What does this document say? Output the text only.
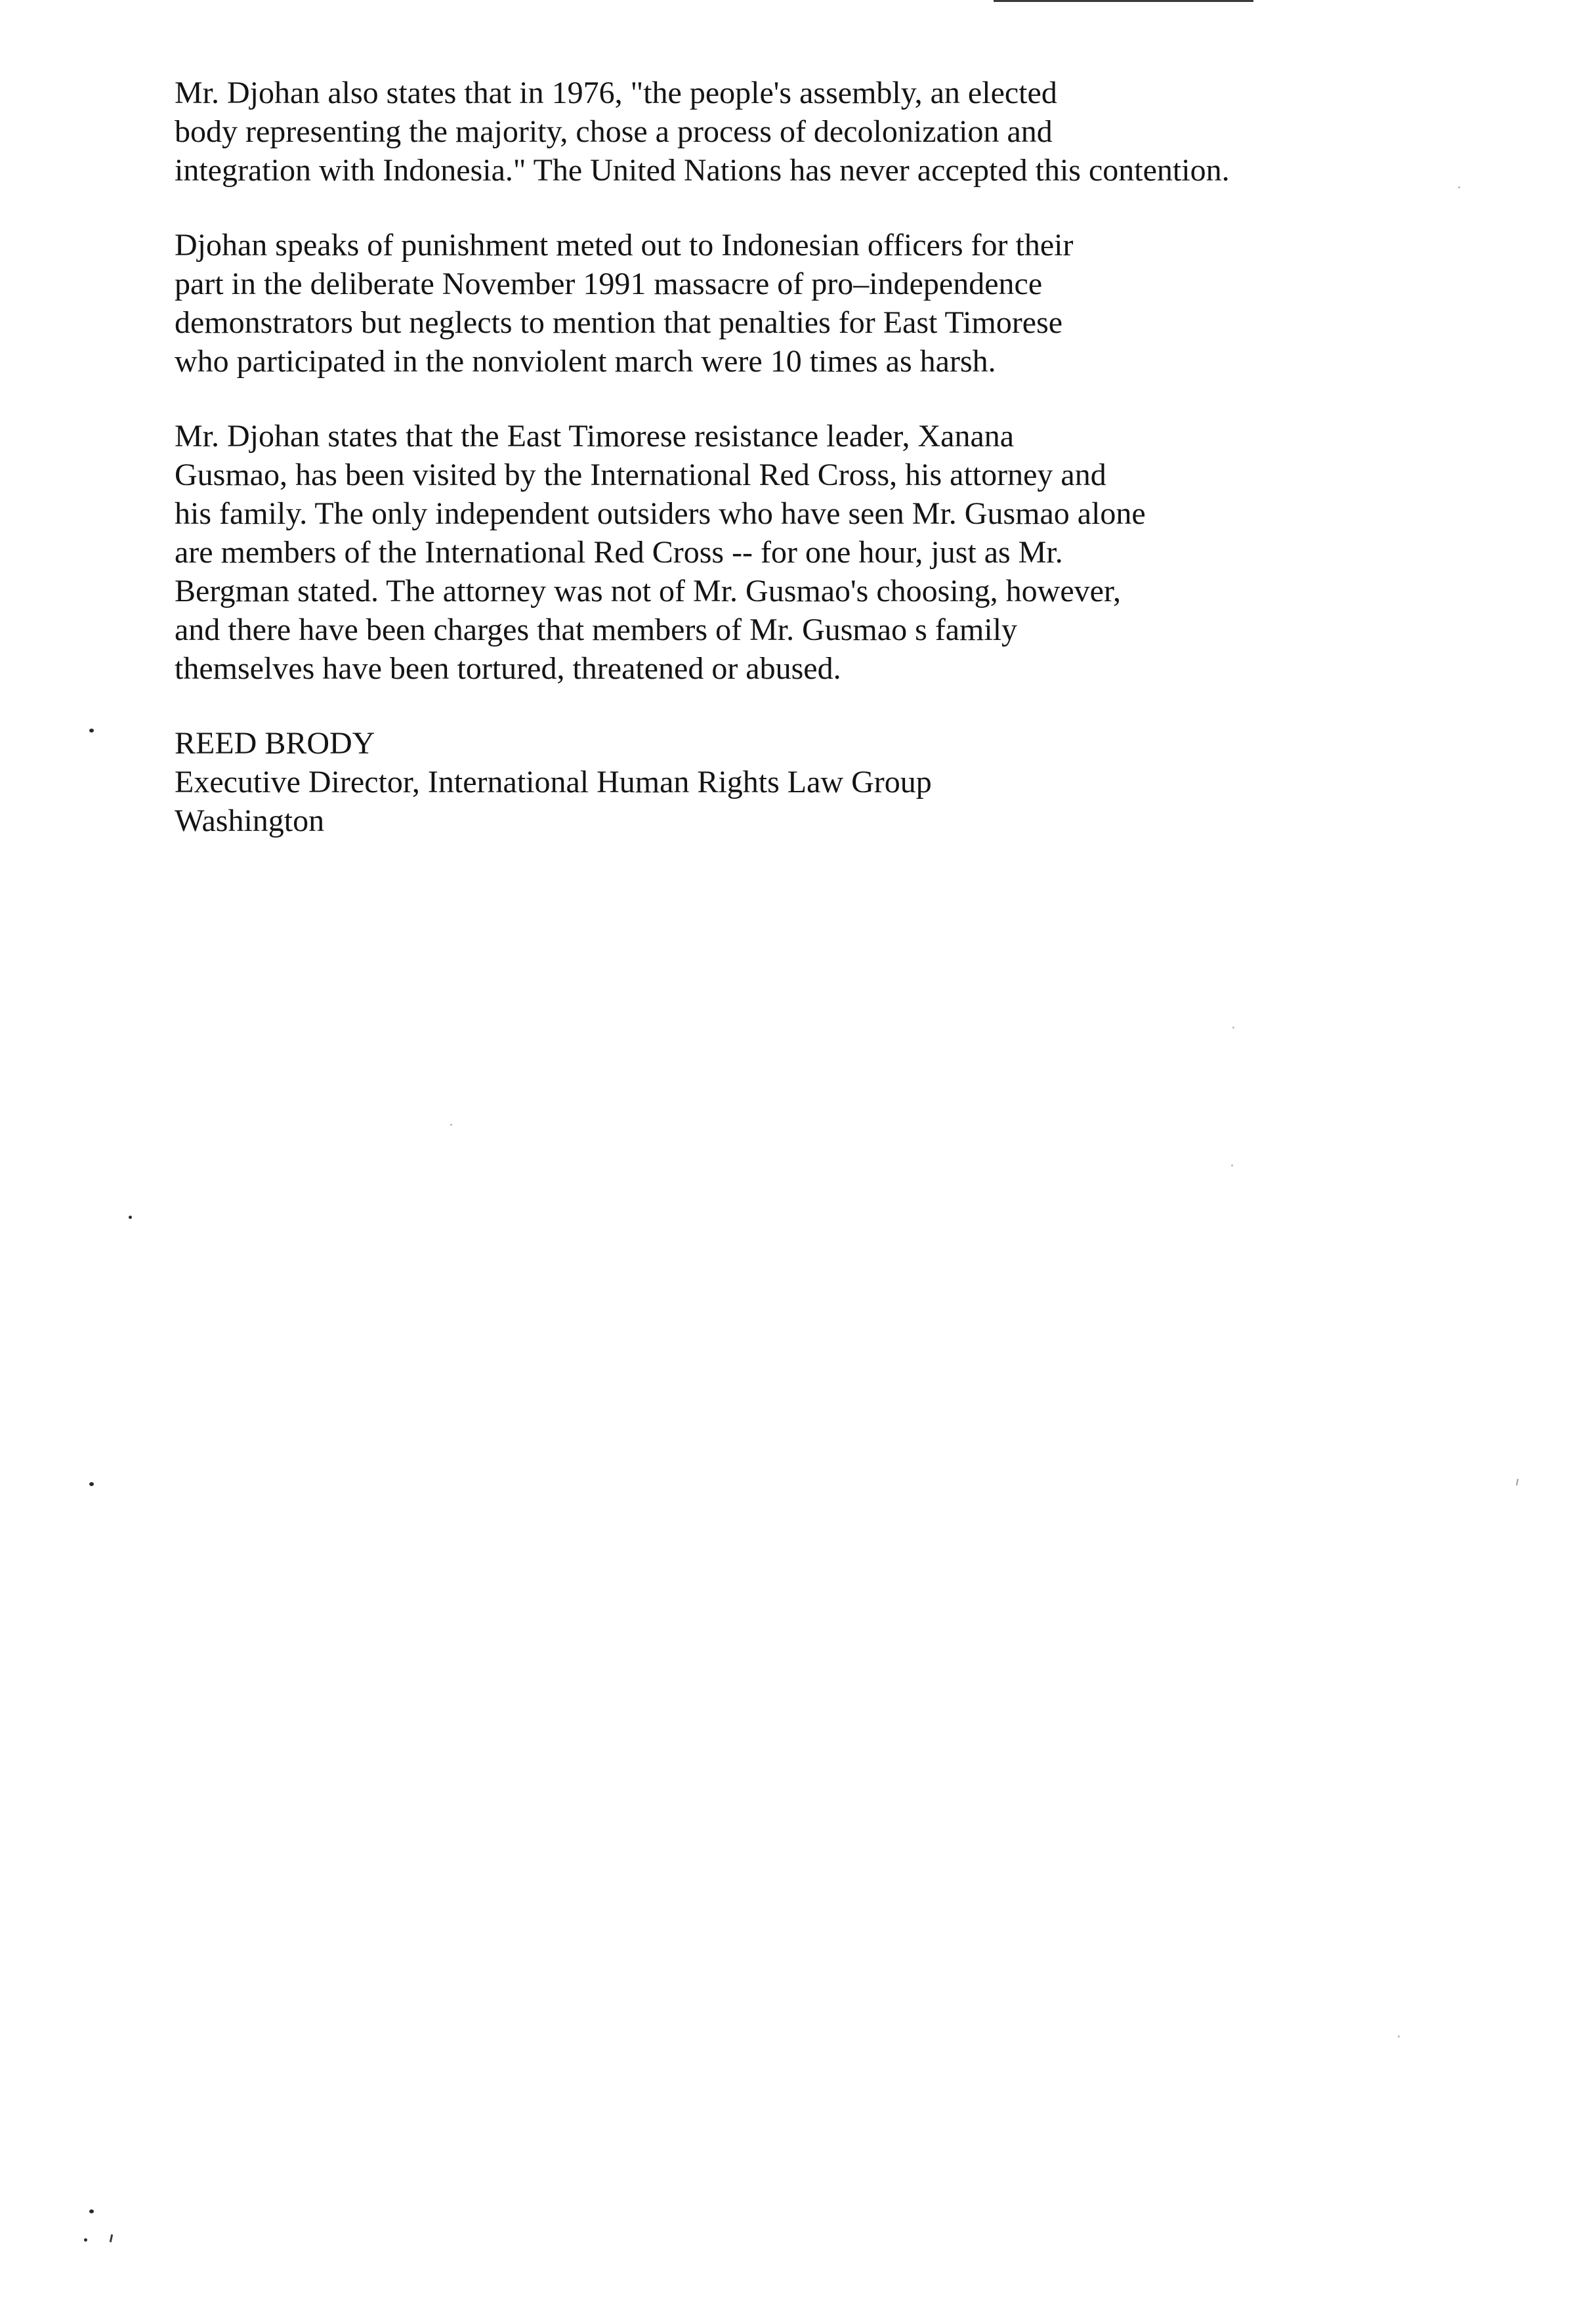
Mr. Djohan also states that in 1976, "the people's assembly, an elected
body representing the majority, chose a process of decolonization and
integration with Indonesia." The United Nations has never accepted this contention.

Djohan speaks of punishment meted out to Indonesian officers for their
part in the deliberate November 1991 massacre of pro–independence
demonstrators but neglects to mention that penalties for East Timorese
who participated in the nonviolent march were 10 times as harsh.

Mr. Djohan states that the East Timorese resistance leader, Xanana
Gusmao, has been visited by the International Red Cross, his attorney and
his family. The only independent outsiders who have seen Mr. Gusmao alone
are members of the International Red Cross -- for one hour, just as Mr.
Bergman stated. The attorney was not of Mr. Gusmao's choosing, however,
and there have been charges that members of Mr. Gusmao s family
themselves have been tortured, threatened or abused.

REED BRODY
Executive Director, International Human Rights Law Group
Washington
